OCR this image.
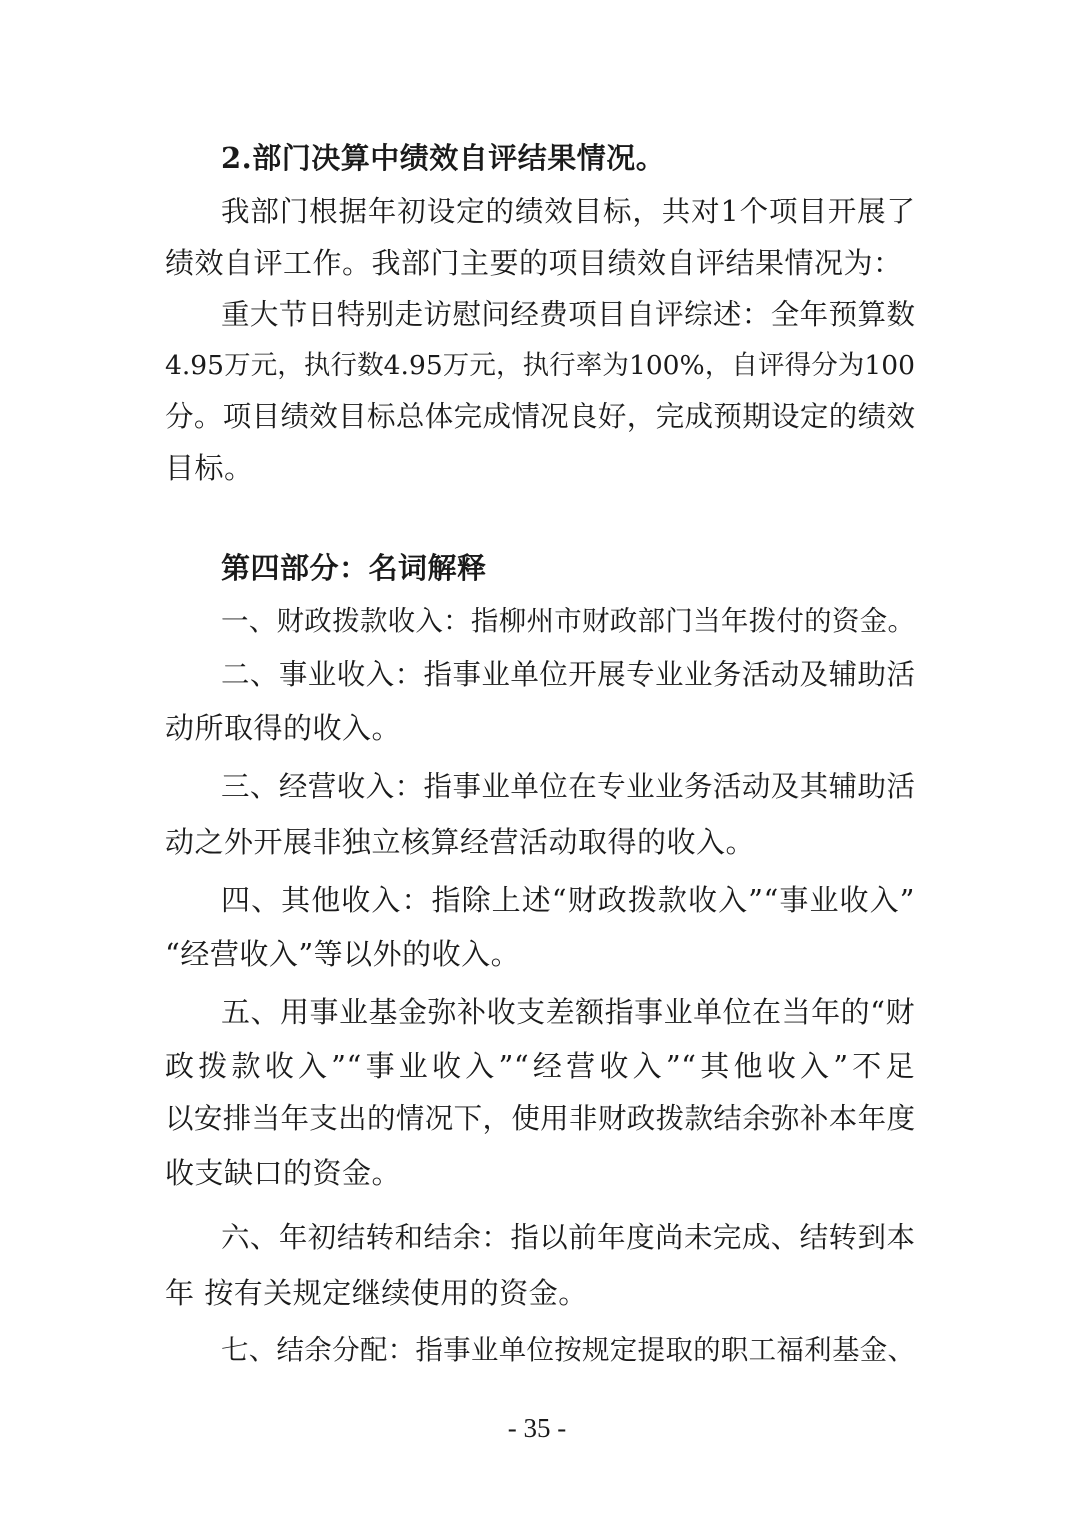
2.部门决算中绩效自评结果情况。
我部门根据年初设定的绩效目标，共对1个项目开展了
绩效自评工作。我部门主要的项目绩效自评结果情况为：
重大节日特别走访慰问经费项目自评综述：全年预算数
4.95万元，执行数4.95万元，执行率为100%，自评得分为100
分。项目绩效目标总体完成情况良好，完成预期设定的绩效
目标。
第四部分：名词解释
一、财政拨款收入：指柳州市财政部门当年拨付的资金。
二、事业收入：指事业单位开展专业业务活动及辅助活
动所取得的收入。
三、经营收入：指事业单位在专业业务活动及其辅助活
动之外开展非独立核算经营活动取得的收入。
四、其他收入：指除上述“财政拨款收入”“事业收入”
“经营收入”等以外的收入。
五、用事业基金弥补收支差额指事业单位在当年的“财
政拨款收入”“事业收入”“经营收入”“其他收入”不足
以安排当年支出的情况下，使用非财政拨款结余弥补本年度
收支缺口的资金。
六、年初结转和结余：指以前年度尚未完成、结转到本
年 按有关规定继续使用的资金。
七、结余分配：指事业单位按规定提取的职工福利基金、
- 35 -
